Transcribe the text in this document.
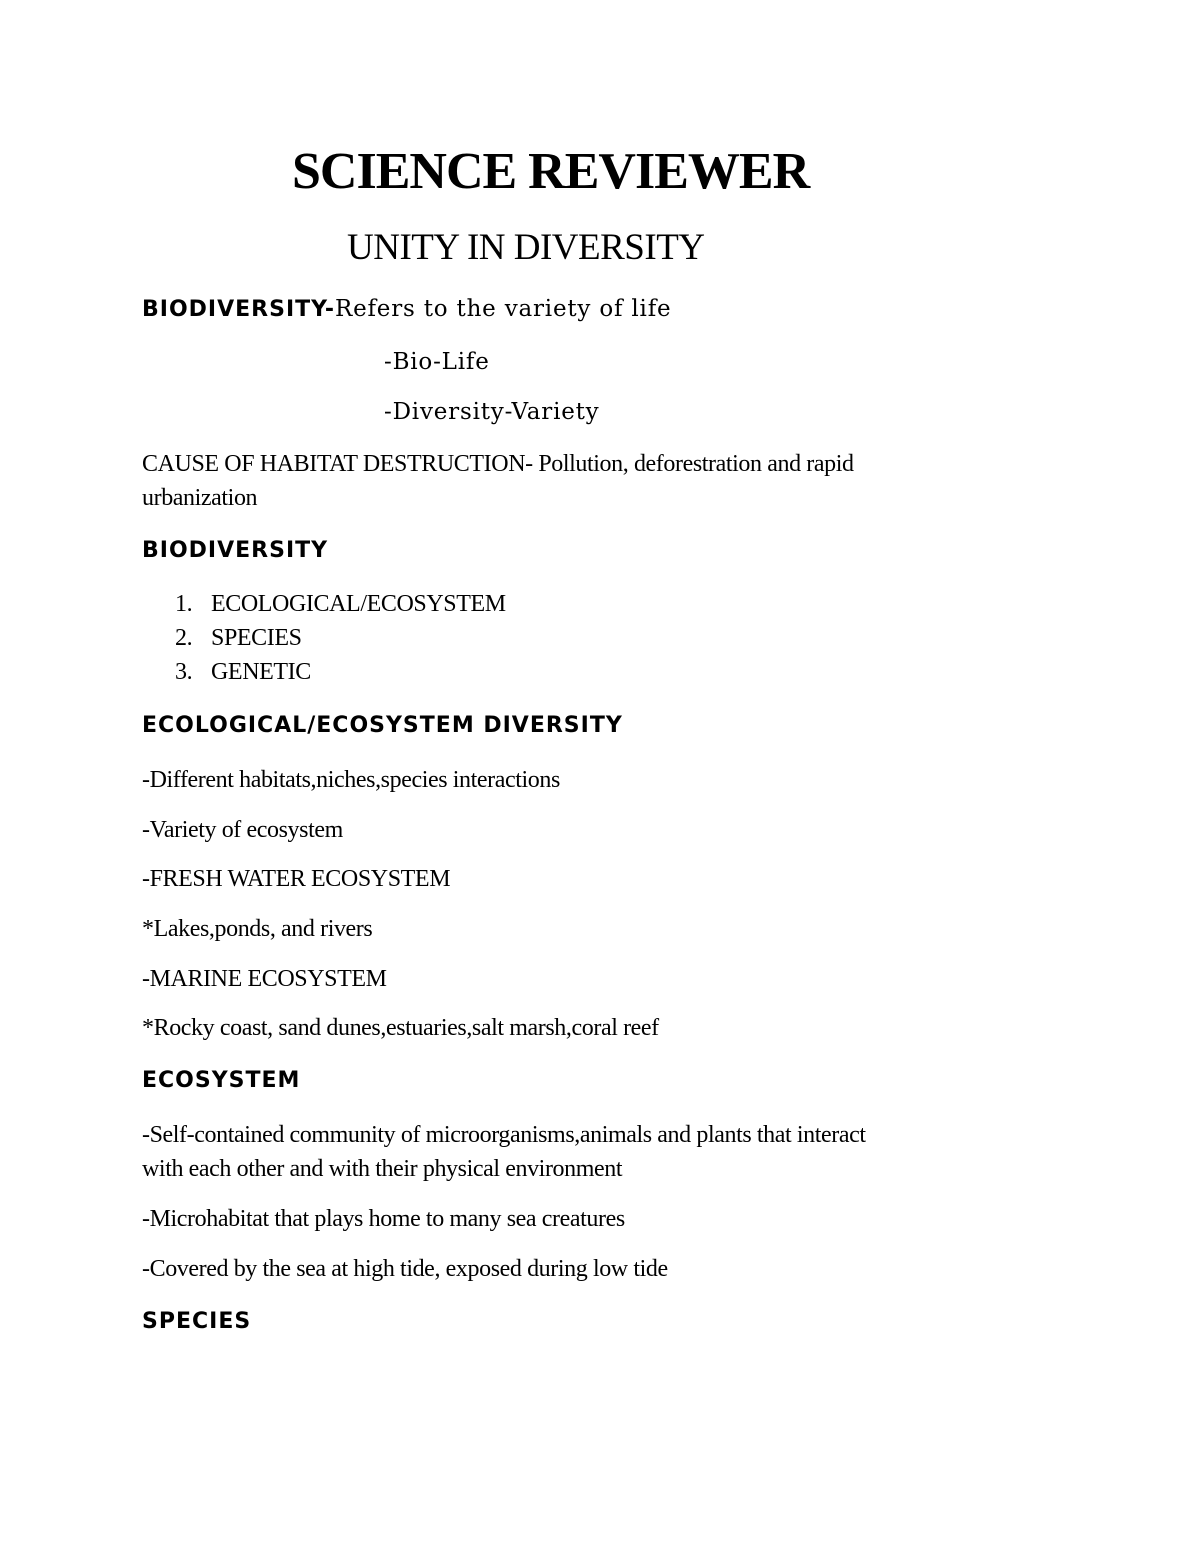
SCIENCE REVIEWER
UNITY IN DIVERSITY

BIODIVERSITY-Refers to the variety of life

-Bio-Life

-Diversity-Variety

CAUSE OF HABITAT DESTRUCTION- Pollution, deforestration and rapid

urbanization

BIODIVERSITY
1. ECOLOGICAL/ECOSYSTEM
2. SPECIES
3. GENETIC
ECOLOGICAL/ECOSYSTEM DIVERSITY

-Different habitats,niches,species interactions

-Variety of ecosystem

-FRESH WATER ECOSYSTEM

*Lakes,ponds, and rivers

-MARINE ECOSYSTEM

*Rocky coast, sand dunes,estuaries,salt marsh,coral reef

ECOSYSTEM

-Self-contained community of microorganisms,animals and plants that interact

with each other and with their physical environment

-Microhabitat that plays home to many sea creatures

-Covered by the sea at high tide, exposed during low tide

SPECIES
